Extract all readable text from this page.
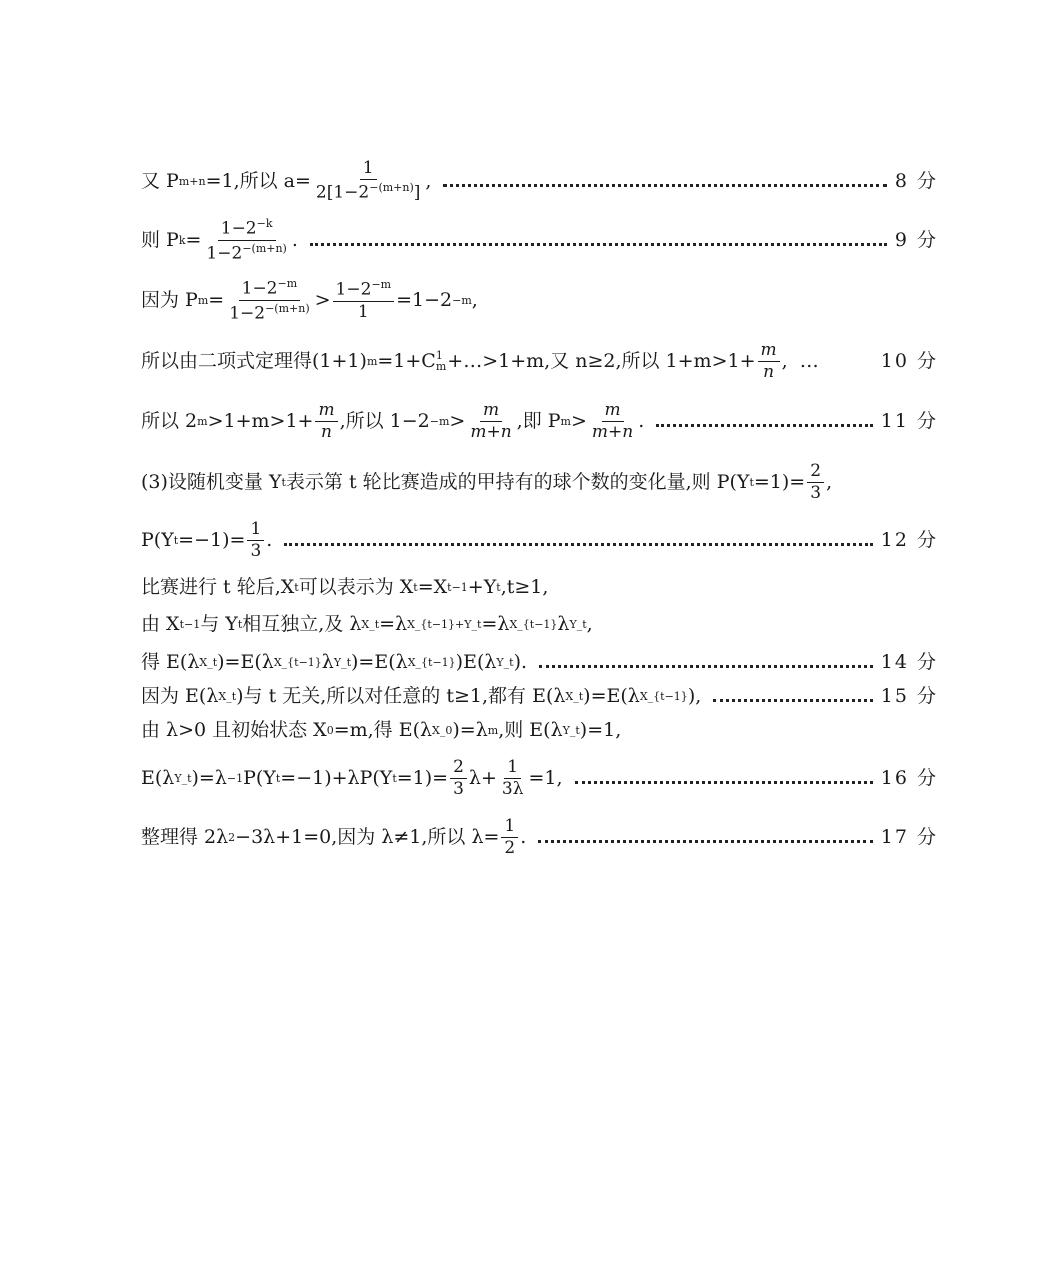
又 P m+n =1,所以 $a= \frac{1}{2[1-2^{-(m+n)}]}$ ,	8 分
则 P $k = \frac{1-2^{-k}}{1-2^{-(m+n)}}$ .	9 分
因为 P $m = \frac{1-2^{-m}}{1-2^{-(m+n)}} > \frac{1-2^{-m}}{1} =1-2 -m$ ,
所以由二项式定理得(1+1) m =1+C 1
m +…>1+m,又 n≥2,所以 $1+m>1+ \frac{m}{n}$ , …	10 分
所以 2 $m >1+m>1+ \frac{m}{n}$ ,所以 $1-2 -m > \frac{m}{m+n}$ ,即 P $m > \frac{m}{m+n}$ .	11 分
(3)设随机变量 Y t 表示第 t 轮比赛造成的甲持有的球个数的变化量,则 P(Y $t =1)= \frac{2}{3}$ ,
P(Y $t =-1)= \frac{1}{3}$ .	12 分
比赛进行 t 轮后,X t 可以表示为 X t =X t−1 +Y t ,t≥1,
由 X t−1 与 Y t 相互独立,及 λ X_t =λ X_{t−1}+Y_t =λ X_{t−1} λ Y_t ,
得 E(λ X_t )=E(λ X_{t−1} λ Y_t )=E(λ X_{t−1} )E(λ Y_t ).	14 分
因为 E(λ X_t )与 t 无关,所以对任意的 t≥1,都有 E(λ X_t )=E(λ X_{t−1} ),	15 分
由 λ>0 且初始状态 X 0 =m,得 E(λ X_0 )=λ m ,则 E(λ Y_t )=1,
E(λ Y_t )=λ −1 P(Y t =−1)+λP(Y $t =1)= \frac{2}{3} \lambda+ \frac{1}{3\lambda} =1$,	16 分
整理得 2λ 2 −3λ+1=0,因为 λ≠1,所以 $\lambda= \frac{1}{2}$ .	17 分
